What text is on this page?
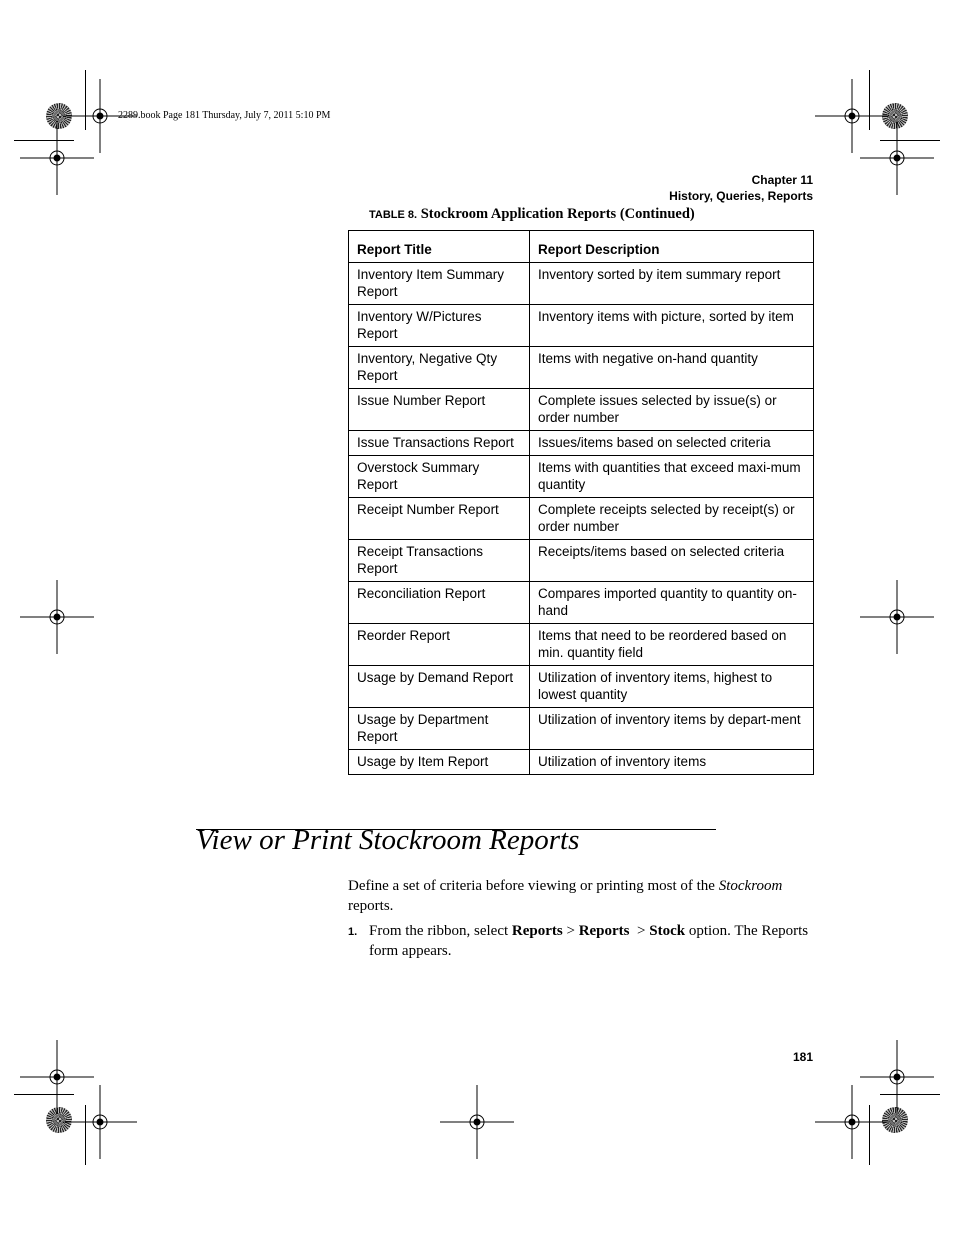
2289.book Page 181 Thursday, July 7, 2011 5:10 PM
Chapter 11
History, Queries, Reports
TABLE 8. Stockroom Application Reports (Continued)
Report Title	Report Description
Inventory Item Summary Report	Inventory sorted by item summary report
Inventory W/Pictures Report	Inventory items with picture, sorted by item
Inventory, Negative Qty Report	Items with negative on-hand quantity
Issue Number Report	Complete issues selected by issue(s) or order number
Issue Transactions Report	Issues/items based on selected criteria
Overstock Summary Report	Items with quantities that exceed maxi-mum quantity
Receipt Number Report	Complete receipts selected by receipt(s) or order number
Receipt Transactions Report	Receipts/items based on selected criteria
Reconciliation Report	Compares imported quantity to quantity on-hand
Reorder Report	Items that need to be reordered based on min. quantity field
Usage by Demand Report	Utilization of inventory items, highest to lowest quantity
Usage by Department Report	Utilization of inventory items by depart-ment
Usage by Item Report	Utilization of inventory items
View or Print Stockroom Reports
Define a set of criteria before viewing or printing most of the Stockroom reports.
1. From the ribbon, select Reports > Reports  > Stock option. The Reports form appears.
181
